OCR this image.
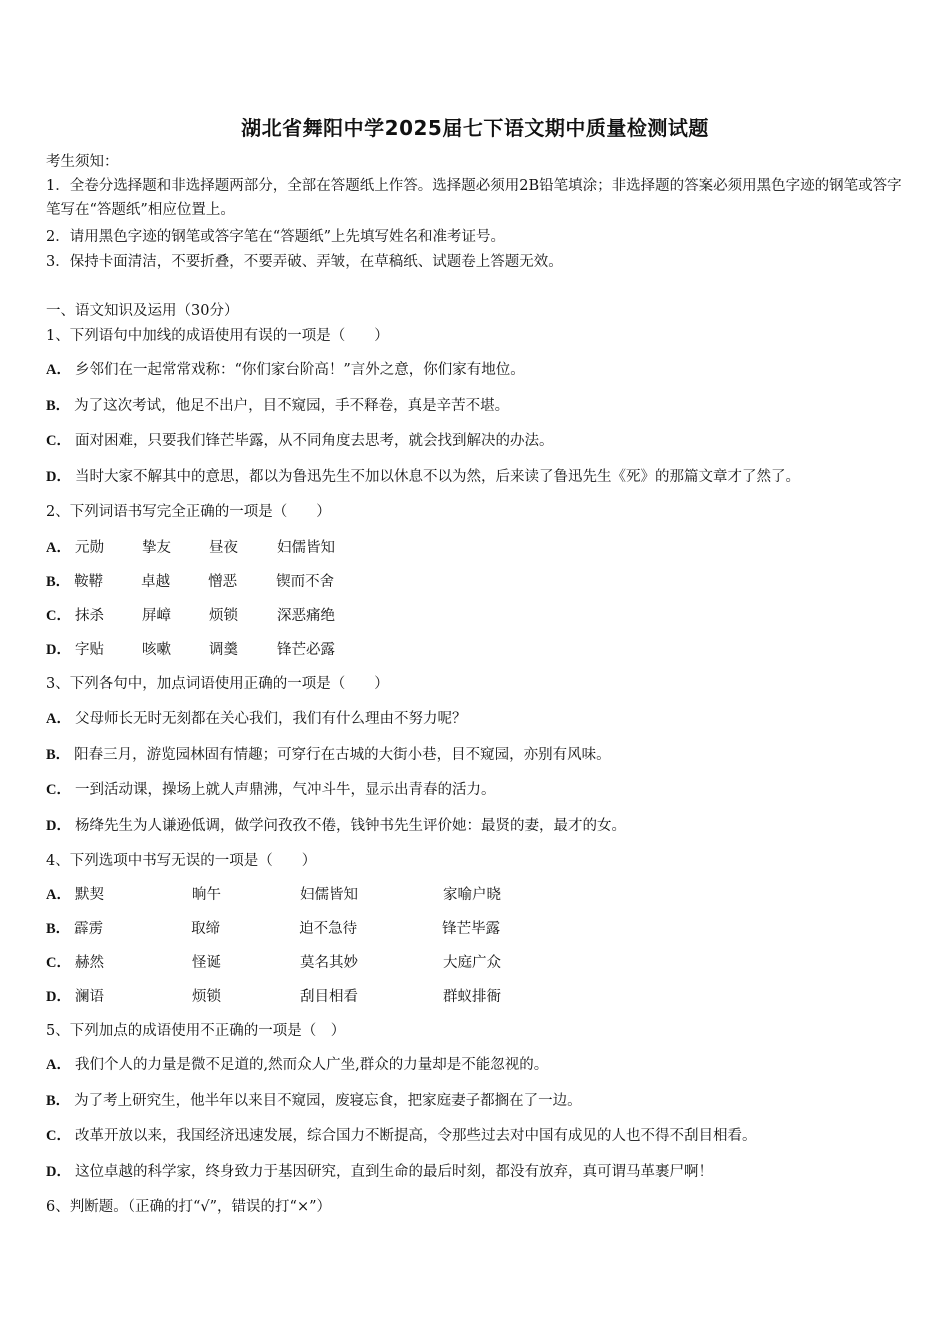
湖北省舞阳中学2025届七下语文期中质量检测试题
考生须知：
1．全卷分选择题和非选择题两部分，全部在答题纸上作答。选择题必须用2B铅笔填涂；非选择题的答案必须用黑色字迹的钢笔或答字笔写在“答题纸”相应位置上。
2．请用黑色字迹的钢笔或答字笔在“答题纸”上先填写姓名和准考证号。
3．保持卡面清洁，不要折叠，不要弄破、弄皱，在草稿纸、试题卷上答题无效。
一、语文知识及运用（30分）
1、下列语句中加线的成语使用有误的一项是（　　）
A． 乡邻们在一起常常戏称：“你们家台阶高！”言外之意，你们家有地位。
B． 为了这次考试，他足不出户，目不窥园，手不释卷，真是辛苦不堪。
C． 面对困难，只要我们锋芒毕露，从不同角度去思考，就会找到解决的办法。
D． 当时大家不解其中的意思，都以为鲁迅先生不加以休息不以为然，后来读了鲁迅先生《死》的那篇文章才了然了。
2、下列词语书写完全正确的一项是（　　）
A． 元勋	挚友	昼夜	妇儒皆知
B． 鞍鞯	卓越	憎恶	锲而不舍
C． 抹杀	屏嶂	烦锁	深恶痛绝
D． 字贴	咳嗽	调羹	锋芒必露
3、下列各句中，加点词语使用正确的一项是（　　）
A． 父母师长无时无刻都在关心我们，我们有什么理由不努力呢？
B． 阳春三月，游览园林固有情趣；可穿行在古城的大街小巷，目不窥园，亦别有风味。
C． 一到活动课，操场上就人声鼎沸，气冲斗牛，显示出青春的活力。
D． 杨绛先生为人谦逊低调，做学问孜孜不倦，钱钟书先生评价她：最贤的妻，最才的女。
4、下列选项中书写无误的一项是（　　）
A． 默契	晌午	妇儒皆知	家喻户晓
B． 霹雳	取缔	迫不急待	锋芒毕露
C． 赫然	怪诞	莫名其妙	大庭广众
D． 澜语	烦锁	刮目相看	群蚁排衙
5、下列加点的成语使用不正确的一项是（　）
A． 我们个人的力量是微不足道的,然而众人广坐,群众的力量却是不能忽视的。
B． 为了考上研究生，他半年以来目不窥园，废寝忘食，把家庭妻子都搁在了一边。
C． 改革开放以来，我国经济迅速发展，综合国力不断提高，令那些过去对中国有成见的人也不得不刮目相看。
D． 这位卓越的科学家，终身致力于基因研究，直到生命的最后时刻，都没有放弃，真可谓马革裹尸啊！
6、判断题。（正确的打“√”，错误的打“×”）
